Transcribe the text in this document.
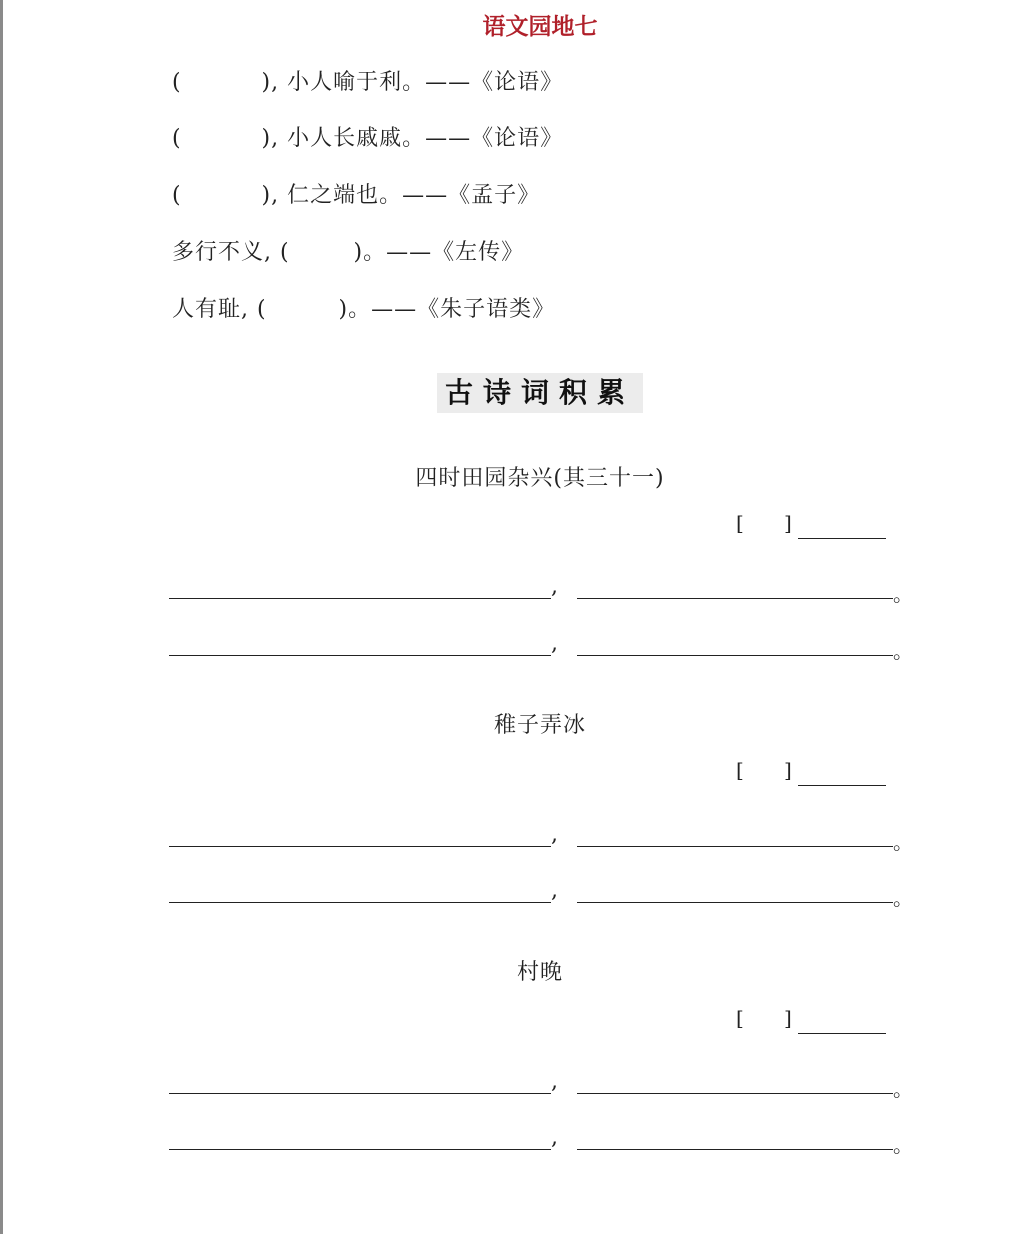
语文园地七
(          ), 小人喻于利。——《论语》
(          ), 小人长戚戚。——《论语》
(          ), 仁之端也。——《孟子》
多行不义, (        )。——《左传》
人有耻, (         )。——《朱子语类》
古诗词积累
四时田园杂兴(其三十一)
[ ]
,	。
,	。
稚子弄冰
[ ]
,	。
,	。
村晚
[ ]
,	。
,	。
